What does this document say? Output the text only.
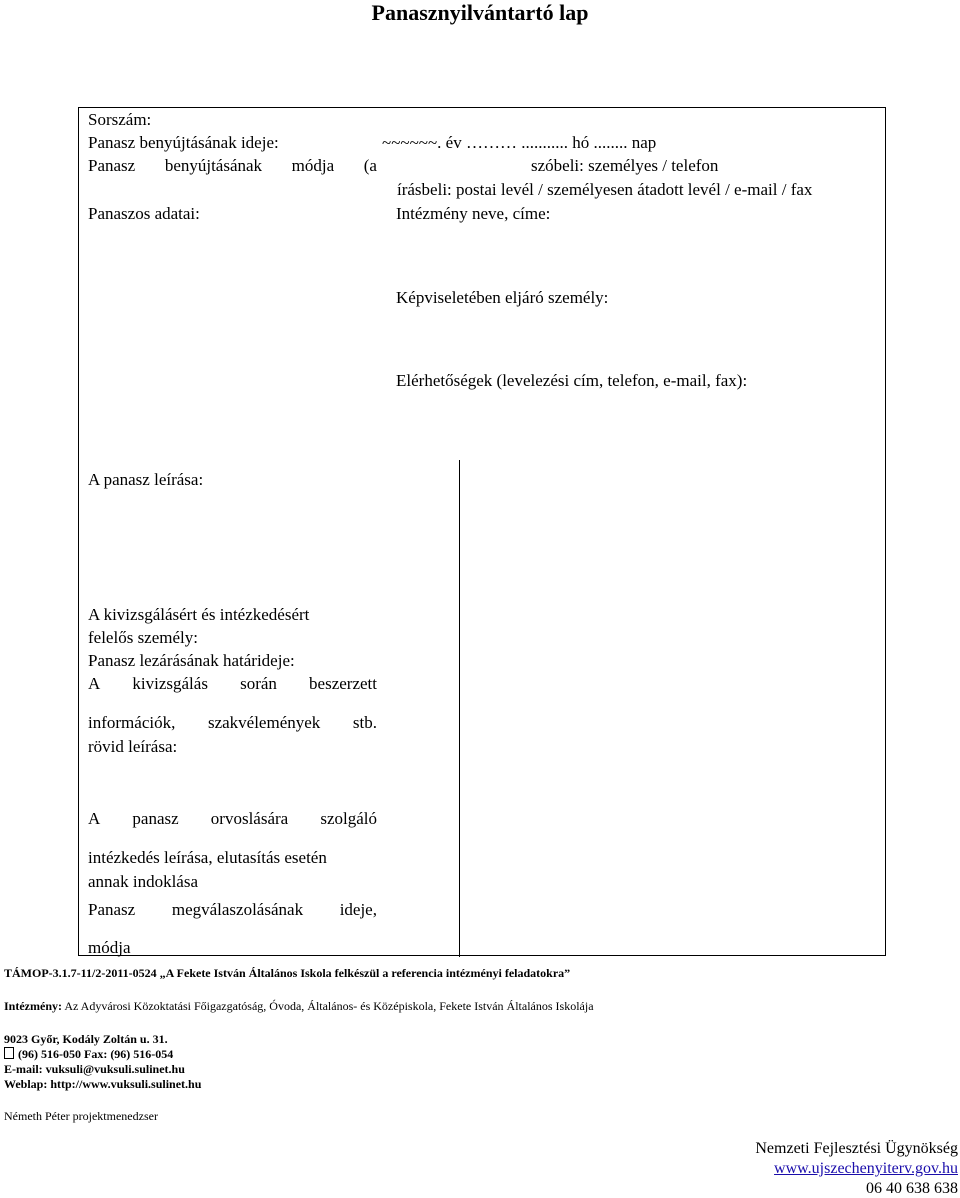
Panasznyilvántartó lap
Sorszám:
Panasz benyújtásának ideje:	~~~~~~. év ……… ........... hó ........ nap
Panasz benyújtásának módja (a	szóbeli: személyes / telefon
írásbeli: postai levél / személyesen átadott levél / e-mail / fax
Panaszos adatai:	Intézmény neve, címe:
Képviseletében eljáró személy:
Elérhetőségek (levelezési cím, telefon, e-mail, fax):
A panasz leírása:
A kivizsgálásért és intézkedésért
felelős személy:
Panasz lezárásának határideje:
A kivizsgálás során beszerzett
információk, szakvélemények stb.
rövid leírása:
A panasz orvoslására szolgáló
intézkedés leírása, elutasítás esetén
annak indoklása
Panasz megválaszolásának ideje,
módja
TÁMOP-3.1.7-11/2-2011-0524 „A Fekete István Általános Iskola felkészül a referencia intézményi feladatokra”
Intézmény: Az Adyvárosi Közoktatási Főigazgatóság, Óvoda, Általános- és Középiskola, Fekete István Általános Iskolája
9023 Győr, Kodály Zoltán u. 31.
(96) 516-050 Fax: (96) 516-054
E-mail: vuksuli@vuksuli.sulinet.hu
Weblap: http://www.vuksuli.sulinet.hu
Németh Péter projektmenedzser
Nemzeti Fejlesztési Ügynökség
www.ujszechenyiterv.gov.hu
06 40 638 638
